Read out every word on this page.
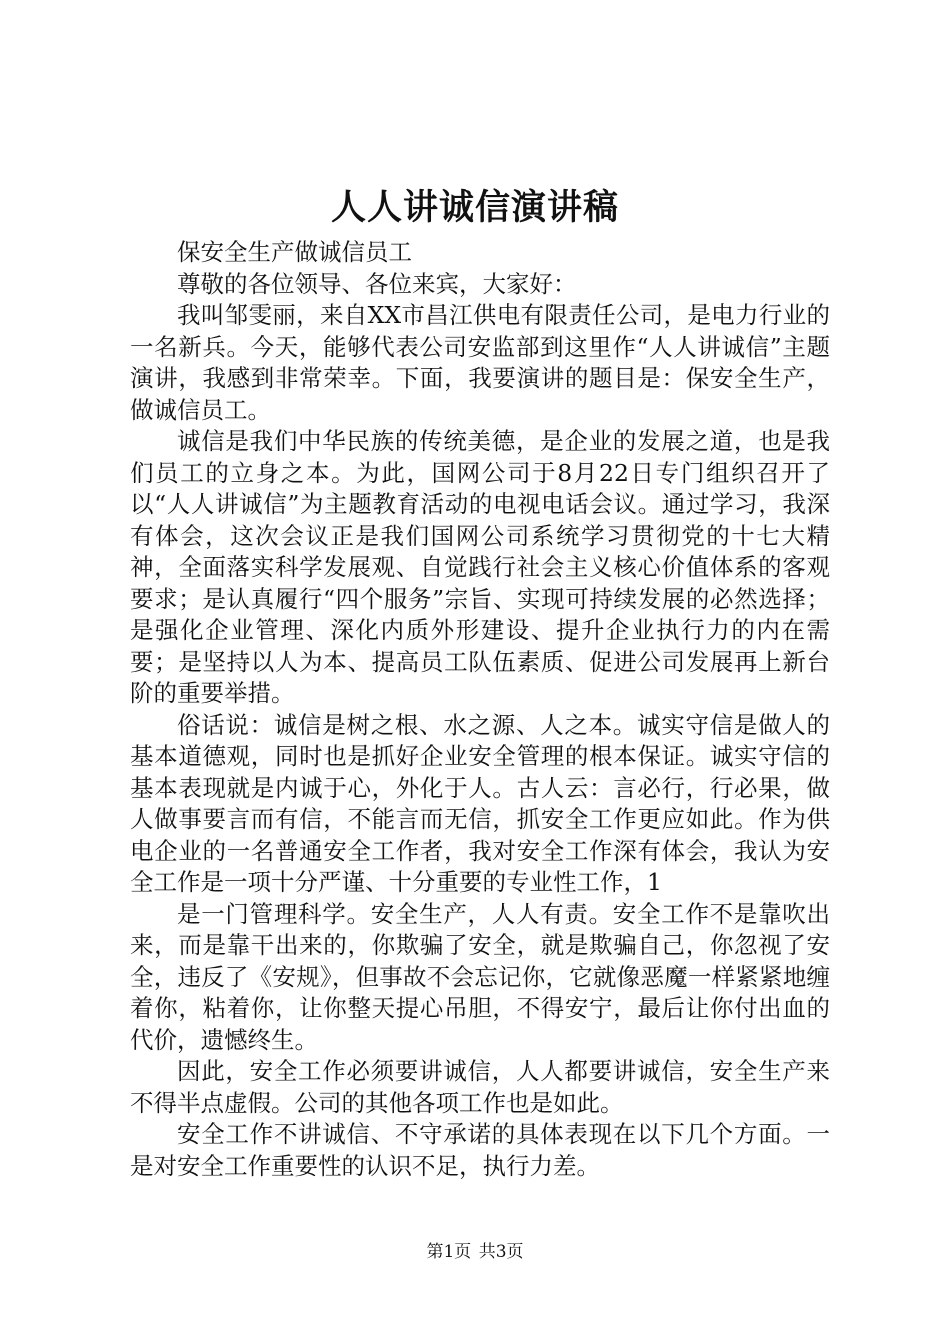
人人讲诚信演讲稿

保安全生产做诚信员工

尊敬的各位领导、各位来宾，大家好：

我叫邹雯丽，来自XX市昌江供电有限责任公司，是电力行业的一名新兵。今天，能够代表公司安监部到这里作“人人讲诚信”主题演讲，我感到非常荣幸。下面，我要演讲的题目是：保安全生产，做诚信员工。

诚信是我们中华民族的传统美德，是企业的发展之道，也是我们员工的立身之本。为此，国网公司于8月22日专门组织召开了以“人人讲诚信”为主题教育活动的电视电话会议。通过学习，我深有体会，这次会议正是我们国网公司系统学习贯彻党的十七大精神，全面落实科学发展观、自觉践行社会主义核心价值体系的客观要求；是认真履行“四个服务”宗旨、实现可持续发展的必然选择；是强化企业管理、深化内质外形建设、提升企业执行力的内在需要；是坚持以人为本、提高员工队伍素质、促进公司发展再上新台阶的重要举措。

俗话说：诚信是树之根、水之源、人之本。诚实守信是做人的基本道德观，同时也是抓好企业安全管理的根本保证。诚实守信的基本表现就是内诚于心，外化于人。古人云：言必行，行必果，做人做事要言而有信，不能言而无信，抓安全工作更应如此。作为供电企业的一名普通安全工作者，我对安全工作深有体会，我认为安全工作是一项十分严谨、十分重要的专业性工作，1

是一门管理科学。安全生产，人人有责。安全工作不是靠吹出来，而是靠干出来的，你欺骗了安全，就是欺骗自己，你忽视了安全，违反了《安规》，但事故不会忘记你，它就像恶魔一样紧紧地缠着你，粘着你，让你整天提心吊胆，不得安宁，最后让你付出血的代价，遗憾终生。

因此，安全工作必须要讲诚信，人人都要讲诚信，安全生产来不得半点虚假。公司的其他各项工作也是如此。

安全工作不讲诚信、不守承诺的具体表现在以下几个方面。一是对安全工作重要性的认识不足，执行力差。

第1页 共3页
